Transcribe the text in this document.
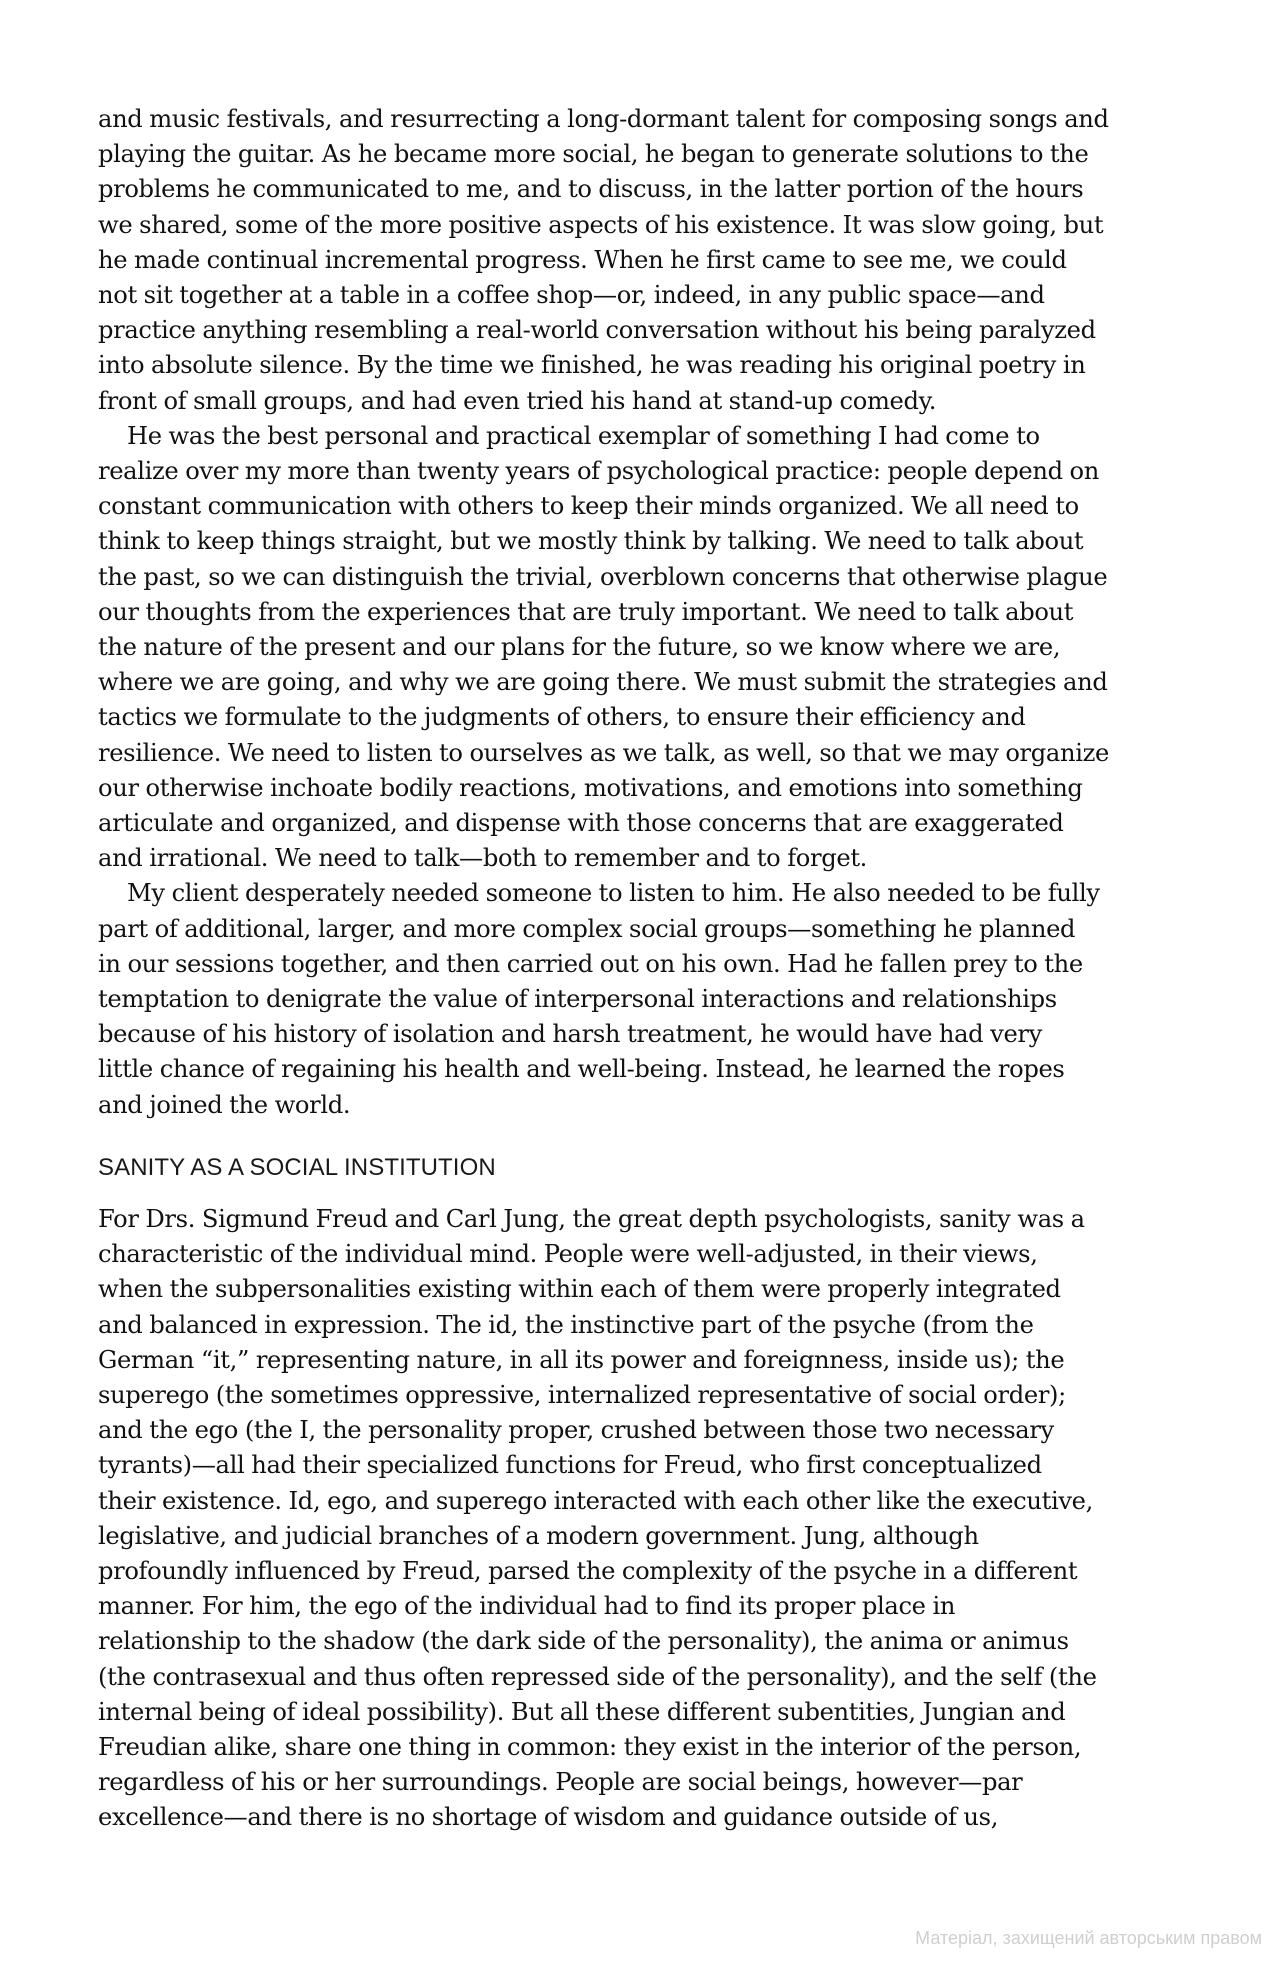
and music festivals, and resurrecting a long-dormant talent for composing songs and
playing the guitar. As he became more social, he began to generate solutions to the
problems he communicated to me, and to discuss, in the latter portion of the hours
we shared, some of the more positive aspects of his existence. It was slow going, but
he made continual incremental progress. When he first came to see me, we could
not sit together at a table in a coffee shop—or, indeed, in any public space—and
practice anything resembling a real-world conversation without his being paralyzed
into absolute silence. By the time we finished, he was reading his original poetry in
front of small groups, and had even tried his hand at stand-up comedy.
He was the best personal and practical exemplar of something I had come to
realize over my more than twenty years of psychological practice: people depend on
constant communication with others to keep their minds organized. We all need to
think to keep things straight, but we mostly think by talking. We need to talk about
the past, so we can distinguish the trivial, overblown concerns that otherwise plague
our thoughts from the experiences that are truly important. We need to talk about
the nature of the present and our plans for the future, so we know where we are,
where we are going, and why we are going there. We must submit the strategies and
tactics we formulate to the judgments of others, to ensure their efficiency and
resilience. We need to listen to ourselves as we talk, as well, so that we may organize
our otherwise inchoate bodily reactions, motivations, and emotions into something
articulate and organized, and dispense with those concerns that are exaggerated
and irrational. We need to talk—both to remember and to forget.
My client desperately needed someone to listen to him. He also needed to be fully
part of additional, larger, and more complex social groups—something he planned
in our sessions together, and then carried out on his own. Had he fallen prey to the
temptation to denigrate the value of interpersonal interactions and relationships
because of his history of isolation and harsh treatment, he would have had very
little chance of regaining his health and well-being. Instead, he learned the ropes
and joined the world.
SANITY AS A SOCIAL INSTITUTION
For Drs. Sigmund Freud and Carl Jung, the great depth psychologists, sanity was a
characteristic of the individual mind. People were well-adjusted, in their views,
when the subpersonalities existing within each of them were properly integrated
and balanced in expression. The id, the instinctive part of the psyche (from the
German “it,” representing nature, in all its power and foreignness, inside us); the
superego (the sometimes oppressive, internalized representative of social order);
and the ego (the I, the personality proper, crushed between those two necessary
tyrants)—all had their specialized functions for Freud, who first conceptualized
their existence. Id, ego, and superego interacted with each other like the executive,
legislative, and judicial branches of a modern government. Jung, although
profoundly influenced by Freud, parsed the complexity of the psyche in a different
manner. For him, the ego of the individual had to find its proper place in
relationship to the shadow (the dark side of the personality), the anima or animus
(the contrasexual and thus often repressed side of the personality), and the self (the
internal being of ideal possibility). But all these different subentities, Jungian and
Freudian alike, share one thing in common: they exist in the interior of the person,
regardless of his or her surroundings. People are social beings, however—par
excellence—and there is no shortage of wisdom and guidance outside of us,
Матеріал, захищений авторським правом
